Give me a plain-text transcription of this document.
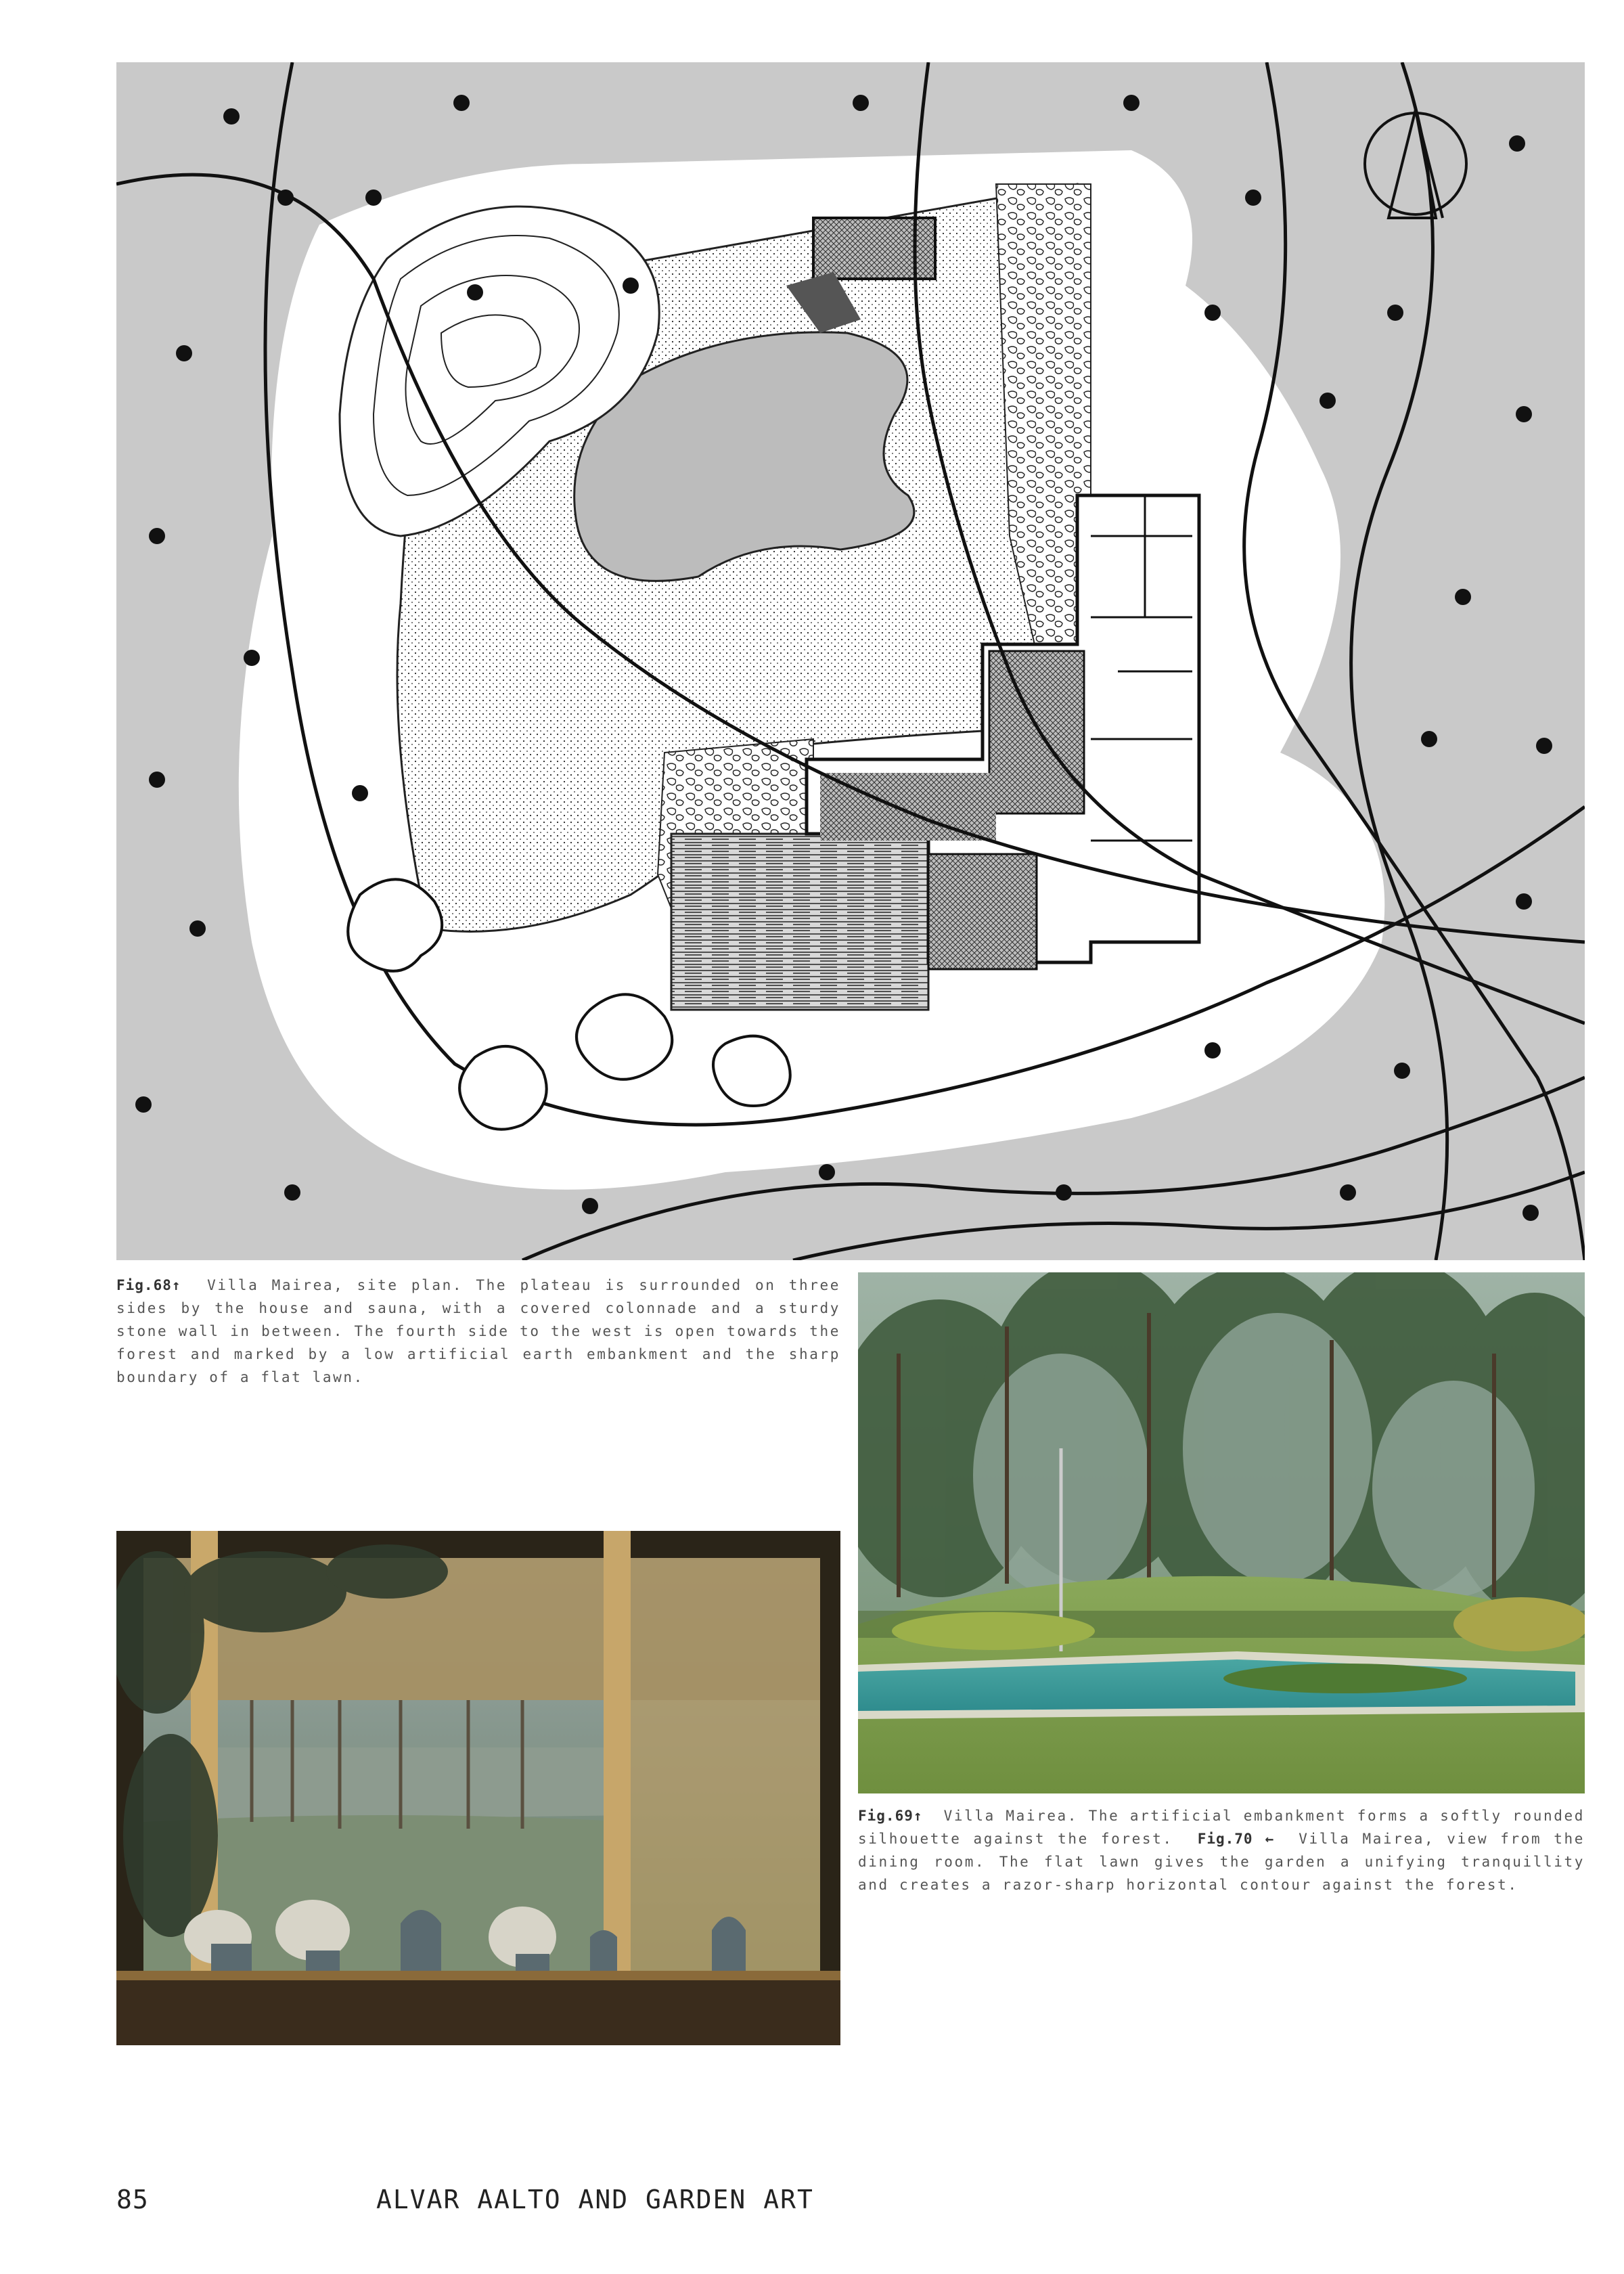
Fig.68↑ Villa Mairea, site plan. The plateau is surrounded on three sides by the house and sauna, with a covered colonnade and a sturdy stone wall in between. The fourth side to the west is open towards the forest and marked by a low artificial earth embankment and the sharp boundary of a flat lawn.

Fig.69↑ Villa Mairea. The artificial embankment forms a softly rounded silhouette against the forest. Fig.70 ← Villa Mairea, view from the dining room. The flat lawn gives the garden a unifying tranquillity and creates a razor-sharp horizontal contour against the forest.

85	ALVAR AALTO AND GARDEN ART
